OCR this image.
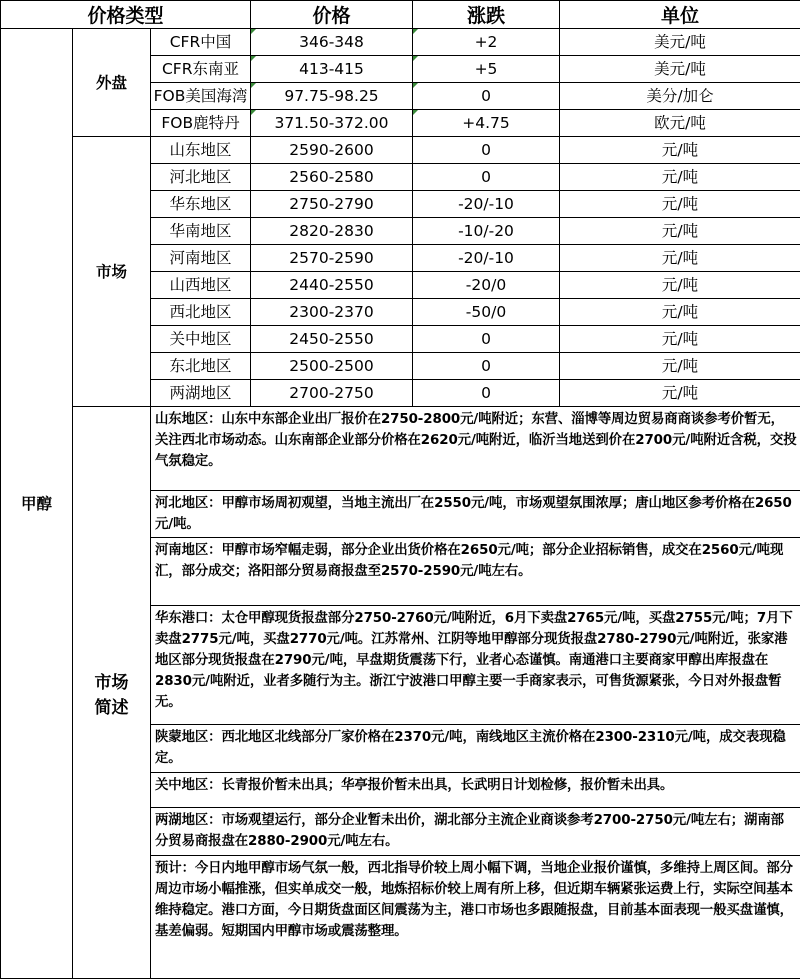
价格类型			价格	涨跌	单位
甲醇	外盘	CFR中国	346-348	+2	美元/吨
		CFR东南亚	413-415	+5	美元/吨
		FOB美国海湾	97.75-98.25	0	美分/加仑
		FOB鹿特丹	371.50-372.00	+4.75	欧元/吨
	市场	山东地区	2590-2600	0	元/吨
		河北地区	2560-2580	0	元/吨
		华东地区	2750-2790	-20/-10	元/吨
		华南地区	2820-2830	-10/-20	元/吨
		河南地区	2570-2590	-20/-10	元/吨
		山西地区	2440-2550	-20/0	元/吨
		西北地区	2300-2370	-50/0	元/吨
		关中地区	2450-2550	0	元/吨
		东北地区	2500-2500	0	元/吨
		两湖地区	2700-2750	0	元/吨
	市场
简述	山东地区：山东中东部企业出厂报价在2750-2800元/吨附近；东营、淄博等周边贸易商商谈参考价暂无，关注西北市场动态。山东南部企业部分价格在2620元/吨附近，临沂当地送到价在2700元/吨附近含税，交投气氛稳定。			
		河北地区：甲醇市场周初观望，当地主流出厂在2550元/吨，市场观望氛围浓厚；唐山地区参考价格在2650元/吨。			
		河南地区：甲醇市场窄幅走弱，部分企业出货价格在2650元/吨；部分企业招标销售，成交在2560元/吨现汇，部分成交；洛阳部分贸易商报盘至2570-2590元/吨左右。			
		华东港口：太仓甲醇现货报盘部分2750-2760元/吨附近，6月下卖盘2765元/吨，买盘2755元/吨；7月下卖盘2775元/吨，买盘2770元/吨。江苏常州、江阴等地甲醇部分现货报盘2780-2790元/吨附近，张家港地区部分现货报盘在2790元/吨，早盘期货震荡下行，业者心态谨慎。南通港口主要商家甲醇出库报盘在2830元/吨附近，业者多随行为主。浙江宁波港口甲醇主要一手商家表示，可售货源紧张，今日对外报盘暂无。			
		陕蒙地区：西北地区北线部分厂家价格在2370元/吨，南线地区主流价格在2300-2310元/吨，成交表现稳定。			
		关中地区：长青报价暂未出具；华亭报价暂未出具，长武明日计划检修，报价暂未出具。			
		两湖地区：市场观望运行，部分企业暂未出价，湖北部分主流企业商谈参考2700-2750元/吨左右；湖南部分贸易商报盘在2880-2900元/吨左右。			
		预计：今日内地甲醇市场气氛一般，西北指导价较上周小幅下调，当地企业报价谨慎，多维持上周区间。部分周边市场小幅推涨，但实单成交一般，地炼招标价较上周有所上移，但近期车辆紧张运费上行，实际空间基本维持稳定。港口方面，今日期货盘面区间震荡为主，港口市场也多跟随报盘，目前基本面表现一般买盘谨慎，基差偏弱。短期国内甲醇市场或震荡整理。			
